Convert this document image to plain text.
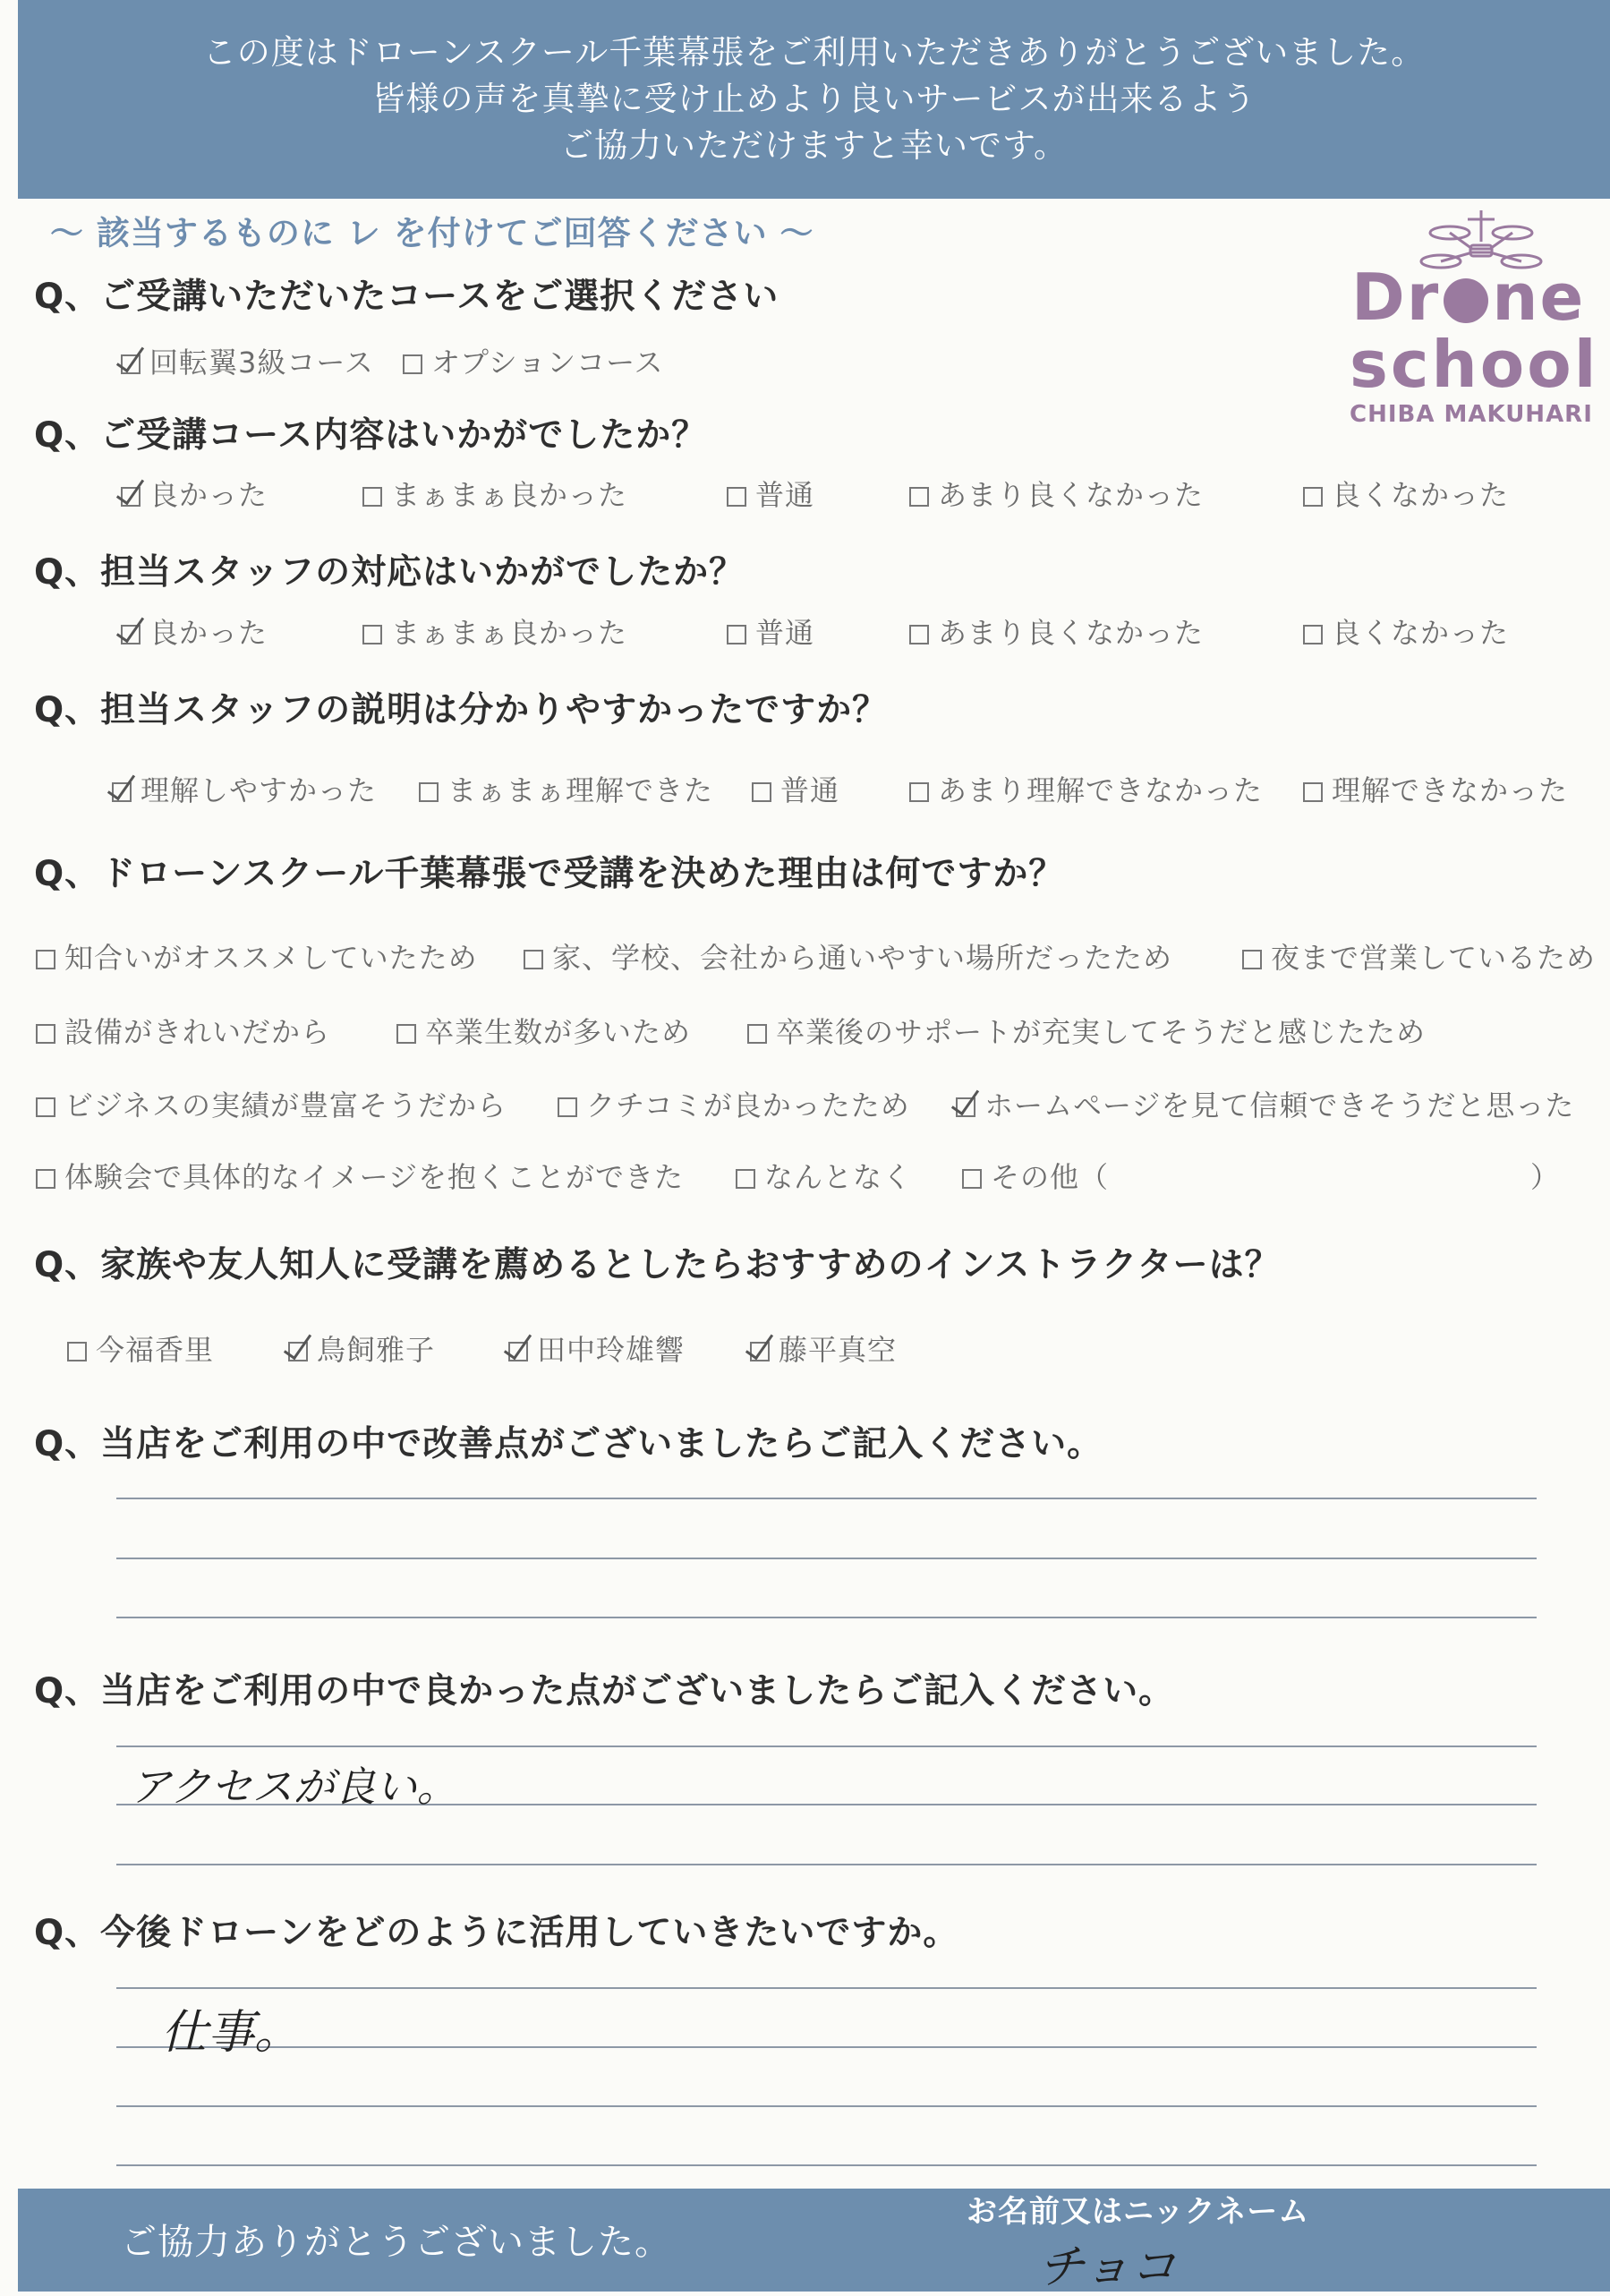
この度はドローンスクール千葉幕張をご利用いただきありがとうございました。
皆様の声を真摯に受け止めより良いサービスが出来るよう
ご協力いただけますと幸いです。
～ 該当するものに レ を付けてご回答ください ～
Dr ne
school
CHIBA MAKUHARI
Q、ご受講いただいたコースをご選択ください
回転翼3級コース	オプションコース
Q、ご受講コース内容はいかがでしたか？
良かった	まぁまぁ良かった	普通	あまり良くなかった	良くなかった
Q、担当スタッフの対応はいかがでしたか？
良かった	まぁまぁ良かった	普通	あまり良くなかった	良くなかった
Q、担当スタッフの説明は分かりやすかったですか？
理解しやすかった	まぁまぁ理解できた	普通	あまり理解できなかった	理解できなかった
Q、ドローンスクール千葉幕張で受講を決めた理由は何ですか？
知合いがオススメしていたため	家、学校、会社から通いやすい場所だったため	夜まで営業しているため
設備がきれいだから	卒業生数が多いため	卒業後のサポートが充実してそうだと感じたため
ビジネスの実績が豊富そうだから	クチコミが良かったため	ホームページを見て信頼できそうだと思った
体験会で具体的なイメージを抱くことができた	なんとなく	その他（	）
Q、家族や友人知人に受講を薦めるとしたらおすすめのインストラクターは？
今福香里	鳥飼雅子	田中玲雄響	藤平真空
Q、当店をご利用の中で改善点がございましたらご記入ください。
Q、当店をご利用の中で良かった点がございましたらご記入ください。
アクセスが良い。
Q、今後ドローンをどのように活用していきたいですか。
仕事。
ご協力ありがとうございました。
お名前又はニックネーム
チョコ
